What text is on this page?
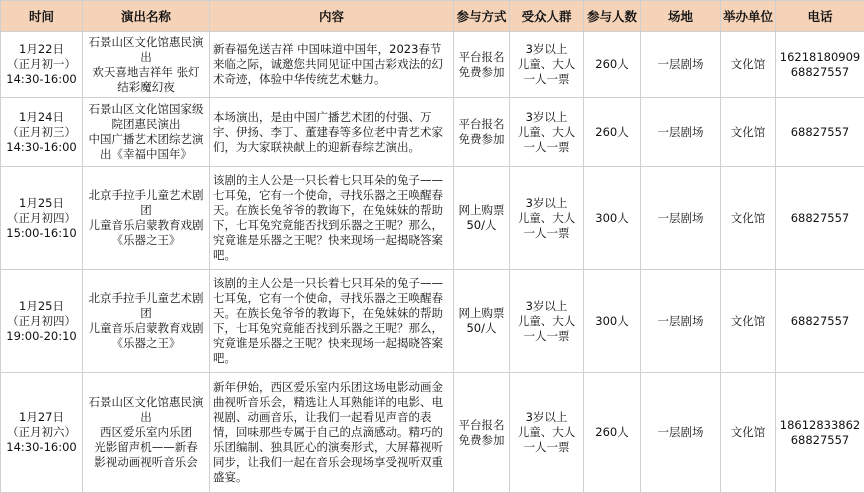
时间	演出名称	内容	参与方式	受众人群	参与人数	场地	举办单位	电话

1月22日
（正月初一）
14:30-16:00	石景山区文化馆惠民演
出
欢天喜地吉祥年 张灯
结彩魔幻夜	新春福免送吉祥 中国味道中国年，2023春节来临之际，诚邀您共同见证中国古彩戏法的幻术奇迹，体验中华传统艺术魅力。	平台报名
免费参加	3岁以上
儿童、大人
一人一票	260人	一层剧场	文化馆	16218180909
68827557

1月24日
（正月初三）
14:30-16:00	石景山区文化馆国家级
院团惠民演出
中国广播艺术团综艺演
出《幸福中国年》	本场演出，是由中国广播艺术团的付强、万宇、伊扬、李丁、董建春等多位老中青艺术家们，为大家联袂献上的迎新春综艺演出。	平台报名
免费参加	3岁以上
儿童、大人
一人一票	260人	一层剧场	文化馆	68827557

1月25日
（正月初四）
15:00-16:10	北京手拉手儿童艺术剧
团
儿童音乐启蒙教育戏剧
《乐器之王》	该剧的主人公是一只长着七只耳朵的兔子——七耳兔，它有一个使命，寻找乐器之王唤醒春天。在族长兔爷爷的教诲下，在兔妹妹的帮助下，七耳兔究竟能否找到乐器之王呢？那么，究竟谁是乐器之王呢？快来现场一起揭晓答案吧。	网上购票
50/人	3岁以上
儿童、大人
一人一票	300人	一层剧场	文化馆	68827557

1月25日
（正月初四）
19:00-20:10	北京手拉手儿童艺术剧
团
儿童音乐启蒙教育戏剧
《乐器之王》	该剧的主人公是一只长着七只耳朵的兔子——七耳兔，它有一个使命，寻找乐器之王唤醒春天。在族长兔爷爷的教诲下，在兔妹妹的帮助下，七耳兔究竟能否找到乐器之王呢？那么，究竟谁是乐器之王呢？快来现场一起揭晓答案吧。	网上购票
50/人	3岁以上
儿童、大人
一人一票	300人	一层剧场	文化馆	68827557

1月27日
（正月初六）
14:30-16:00	石景山区文化馆惠民演
出
西区爱乐室内乐团
光影留声机——新春
影视动画视听音乐会	新年伊始，西区爱乐室内乐团这场电影动画金曲视听音乐会，精选让人耳熟能详的电影、电视剧、动画音乐，让我们一起看见声音的表情，回味那些专属于自己的点滴感动。精巧的乐团编制、独具匠心的演奏形式，大屏幕视听同步，让我们一起在音乐会现场享受视听双重盛宴。	平台报名
免费参加	3岁以上
儿童、大人
一人一票	260人	一层剧场	文化馆	18612833862
68827557
